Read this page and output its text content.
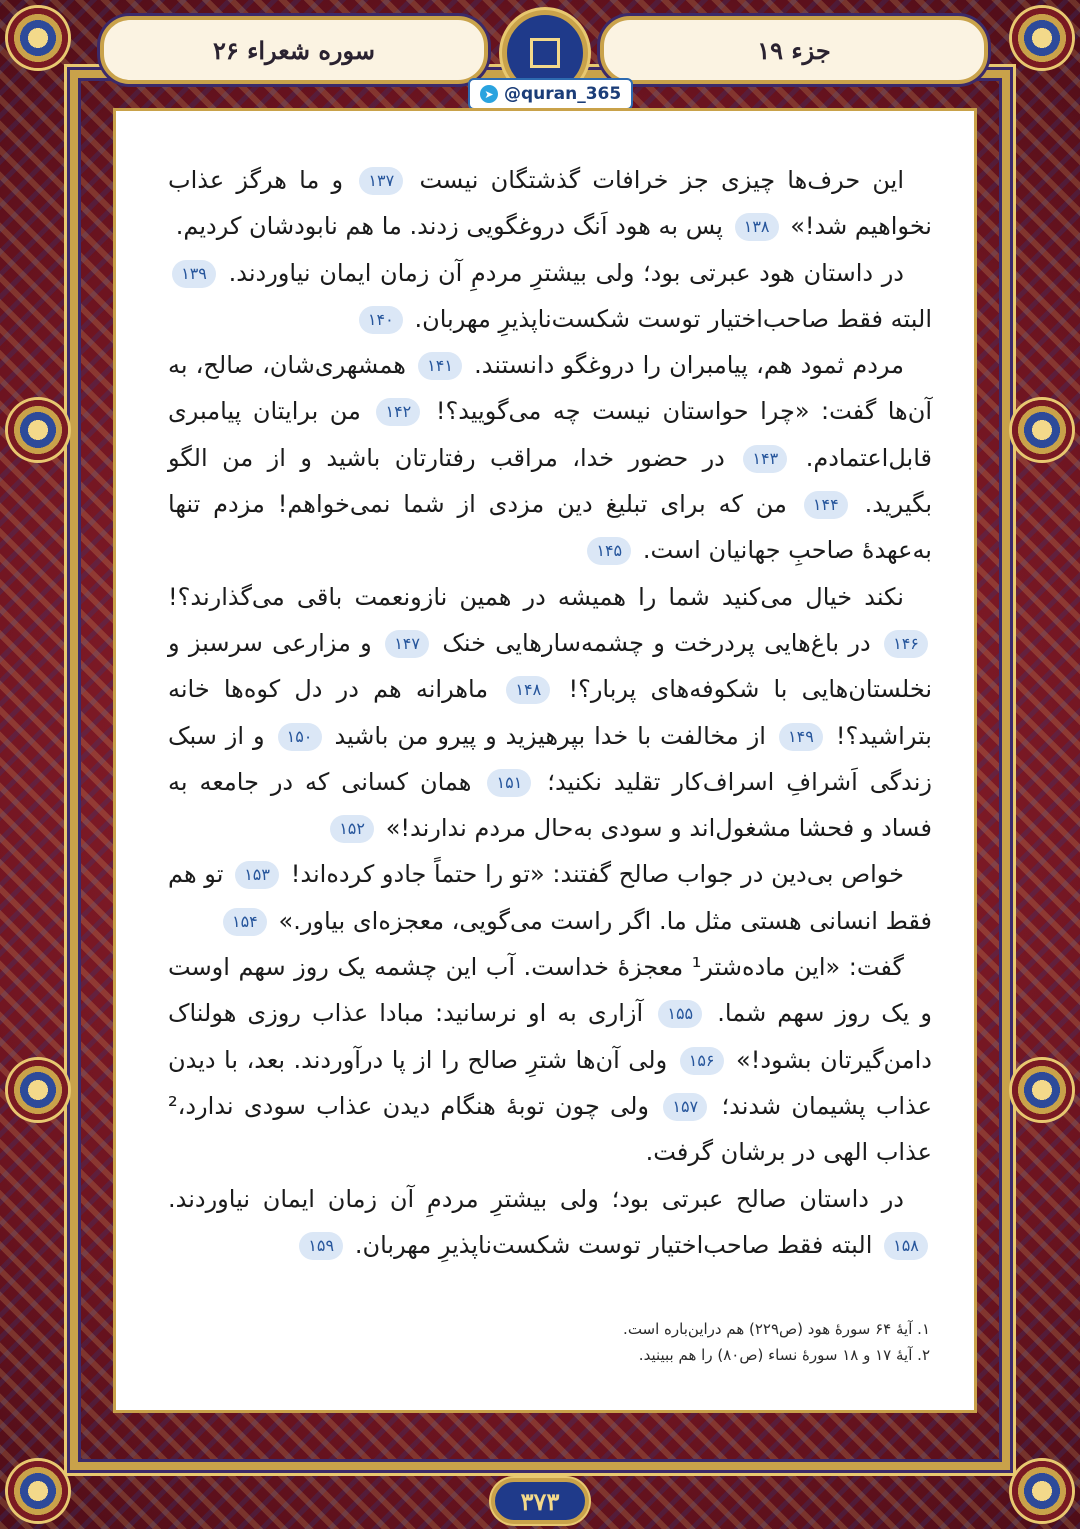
سوره شعراء ۲۶	جزء ۱۹
➤ @quran_365

این حرف‌ها چیزی جز خرافات گذشتگان نیست ۱۳۷ و ما هرگز عذاب نخواهیم شد!» ۱۳۸ پس به هود اَنگ دروغگویی زدند. ما هم نابودشان کردیم.

در داستان هود عبرتی بود؛ ولی بیشترِ مردمِ آن زمان ایمان نیاوردند. ۱۳۹ البته فقط صاحب‌اختیار توست شکست‌ناپذیرِ مهربان. ۱۴۰

مردم ثمود هم، پیامبران را دروغگو دانستند. ۱۴۱ همشهری‌شان، صالح، به آن‌ها گفت: «چرا حواستان نیست چه می‌گویید؟! ۱۴۲ من برایتان پیامبری قابل‌اعتمادم. ۱۴۳ در حضور خدا، مراقب رفتارتان باشید و از من الگو بگیرید. ۱۴۴ من که برای تبلیغ دین مزدی از شما نمی‌خواهم! مزدم تنها به‌عهدهٔ صاحبِ جهانیان است. ۱۴۵

نکند خیال می‌کنید شما را همیشه در همین نازونعمت باقی می‌گذارند؟! ۱۴۶ در باغ‌هایی پردرخت و چشمه‌سارهایی خنک ۱۴۷ و مزارعی سرسبز و نخلستان‌هایی با شکوفه‌های پربار؟! ۱۴۸ ماهرانه هم در دل کوه‌ها خانه بتراشید؟! ۱۴۹ از مخالفت با خدا بپرهیزید و پیرو من باشید ۱۵۰ و از سبک زندگی اَشرافِ اسراف‌کار تقلید نکنید؛ ۱۵۱ همان کسانی که در جامعه به فساد و فحشا مشغول‌اند و سودی به‌حال مردم ندارند!» ۱۵۲

خواص بی‌دین در جواب صالح گفتند: «تو را حتماً جادو کرده‌اند! ۱۵۳ تو هم فقط انسانی هستی مثل ما. اگر راست می‌گویی، معجزه‌ای بیاور.» ۱۵۴

گفت: «این ماده‌شتر¹ معجزهٔ خداست. آب این چشمه یک روز سهم اوست و یک روز سهم شما. ۱۵۵ آزاری به او نرسانید: مبادا عذاب روزی هولناک دامن‌گیرتان بشود!» ۱۵۶ ولی آن‌ها شترِ صالح را از پا درآوردند. بعد، با دیدن عذاب پشیمان شدند؛ ۱۵۷ ولی چون توبهٔ هنگام دیدن عذاب سودی ندارد،² عذاب الهی در بر‌شان گرفت.

در داستان صالح عبرتی بود؛ ولی بیشترِ مردمِ آن زمان ایمان نیاوردند. ۱۵۸ البته فقط صاحب‌اختیار توست شکست‌ناپذیرِ مهربان. ۱۵۹

۱. آیهٔ ۶۴ سورهٔ هود (ص۲۲۹) هم دراین‌باره است.
۲. آیهٔ ۱۷ و ۱۸ سورهٔ نساء (ص۸۰) را هم ببینید.
۳۷۳
